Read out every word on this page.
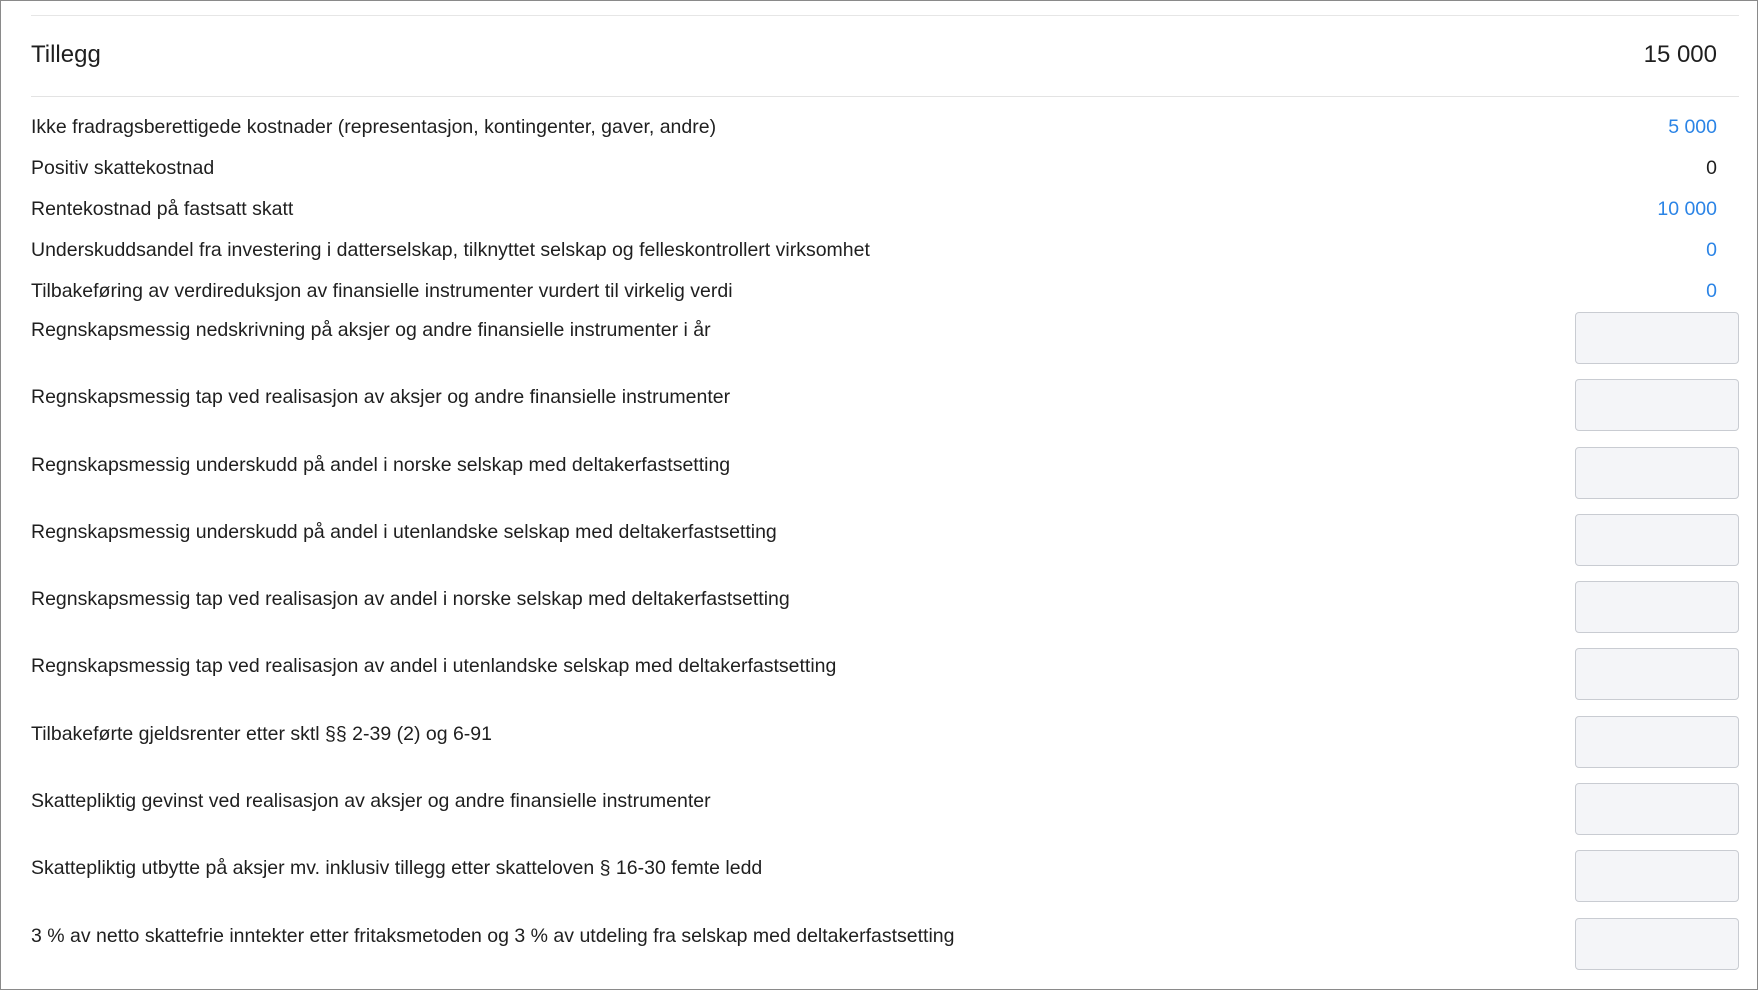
Tillegg	15 000
Ikke fradragsberettigede kostnader (representasjon, kontingenter, gaver, andre)	5 000
Positiv skattekostnad	0
Rentekostnad på fastsatt skatt	10 000
Underskuddsandel fra investering i datterselskap, tilknyttet selskap og felleskontrollert virksomhet	0
Tilbakeføring av verdireduksjon av finansielle instrumenter vurdert til virkelig verdi	0
Regnskapsmessig nedskrivning på aksjer og andre finansielle instrumenter i år
Regnskapsmessig tap ved realisasjon av aksjer og andre finansielle instrumenter
Regnskapsmessig underskudd på andel i norske selskap med deltakerfastsetting
Regnskapsmessig underskudd på andel i utenlandske selskap med deltakerfastsetting
Regnskapsmessig tap ved realisasjon av andel i norske selskap med deltakerfastsetting
Regnskapsmessig tap ved realisasjon av andel i utenlandske selskap med deltakerfastsetting
Tilbakeførte gjeldsrenter etter sktl §§ 2-39 (2) og 6-91
Skattepliktig gevinst ved realisasjon av aksjer og andre finansielle instrumenter
Skattepliktig utbytte på aksjer mv. inklusiv tillegg etter skatteloven § 16-30 femte ledd
3 % av netto skattefrie inntekter etter fritaksmetoden og 3 % av utdeling fra selskap med deltakerfastsetting
